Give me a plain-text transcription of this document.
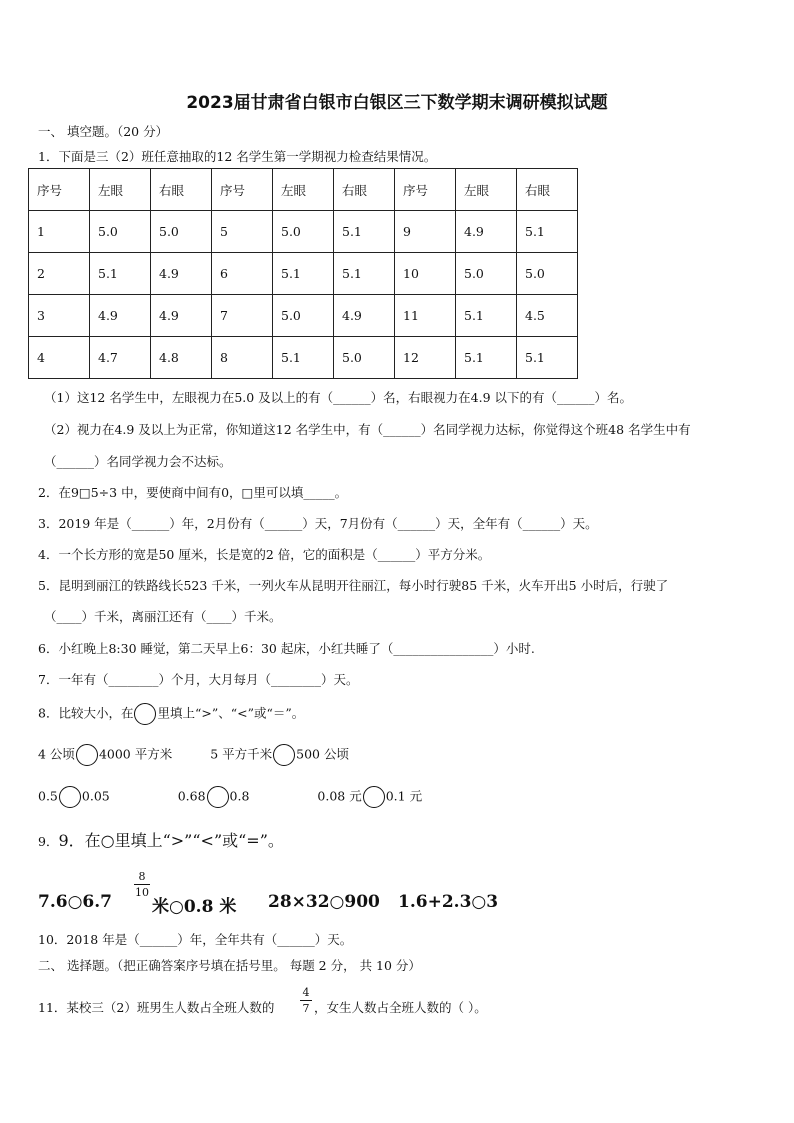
2023届甘肃省白银市白银区三下数学期末调研模拟试题
一、 填空题。（20 分）
1．下面是三（2）班任意抽取的12 名学生第一学期视力检查结果情况。
序号	左眼	右眼	序号	左眼	右眼	序号	左眼	右眼
1	5.0	5.0	5	5.0	5.1	9	4.9	5.1
2	5.1	4.9	6	5.1	5.1	10	5.0	5.0
3	4.9	4.9	7	5.0	4.9	11	5.1	4.5
4	4.7	4.8	8	5.1	5.0	12	5.1	5.1
（1）这12 名学生中，左眼视力在5.0 及以上的有（______）名，右眼视力在4.9 以下的有（______）名。
（2）视力在4.9 及以上为正常，你知道这12 名学生中，有（______）名同学视力达标，你觉得这个班48 名学生中有
（______）名同学视力会不达标。
2．在9□5÷3 中，要使商中间有0，□里可以填_____。
3．2019 年是（______）年，2月份有（______）天，7月份有（______）天，全年有（______）天。
4．一个长方形的宽是50 厘米，长是宽的2 倍，它的面积是（______）平方分米。
5．昆明到丽江的铁路线长523 千米，一列火车从昆明开往丽江，每小时行驶85 千米，火车开出5 小时后，行驶了
（____）千米，离丽江还有（____）千米。
6．小红晚上8:30 睡觉，第二天早上6：30 起床，小红共睡了（________________）小时.
7．一年有（________）个月，大月每月（________）天。
8．比较大小，在 里填上“>”、“<”或“＝”。
4 公顷 4000 平方米	5 平方千米 500 公顷
0.5 0.05	0.68 0.8	0.08 元 0.1 元
9．9．在○里填上“>”“<”或“=”。
7.6○6.7
8
10
米○0.8 米 28×32○900 1.6+2.3○3
10．2018 年是（______）年，全年共有（______）天。
二、 选择题。（把正确答案序号填在括号里。 每题 2 分， 共 10 分）
11．某校三（2）班男生人数占全班人数的
4
7 ，女生人数占全班人数的（ ）。
